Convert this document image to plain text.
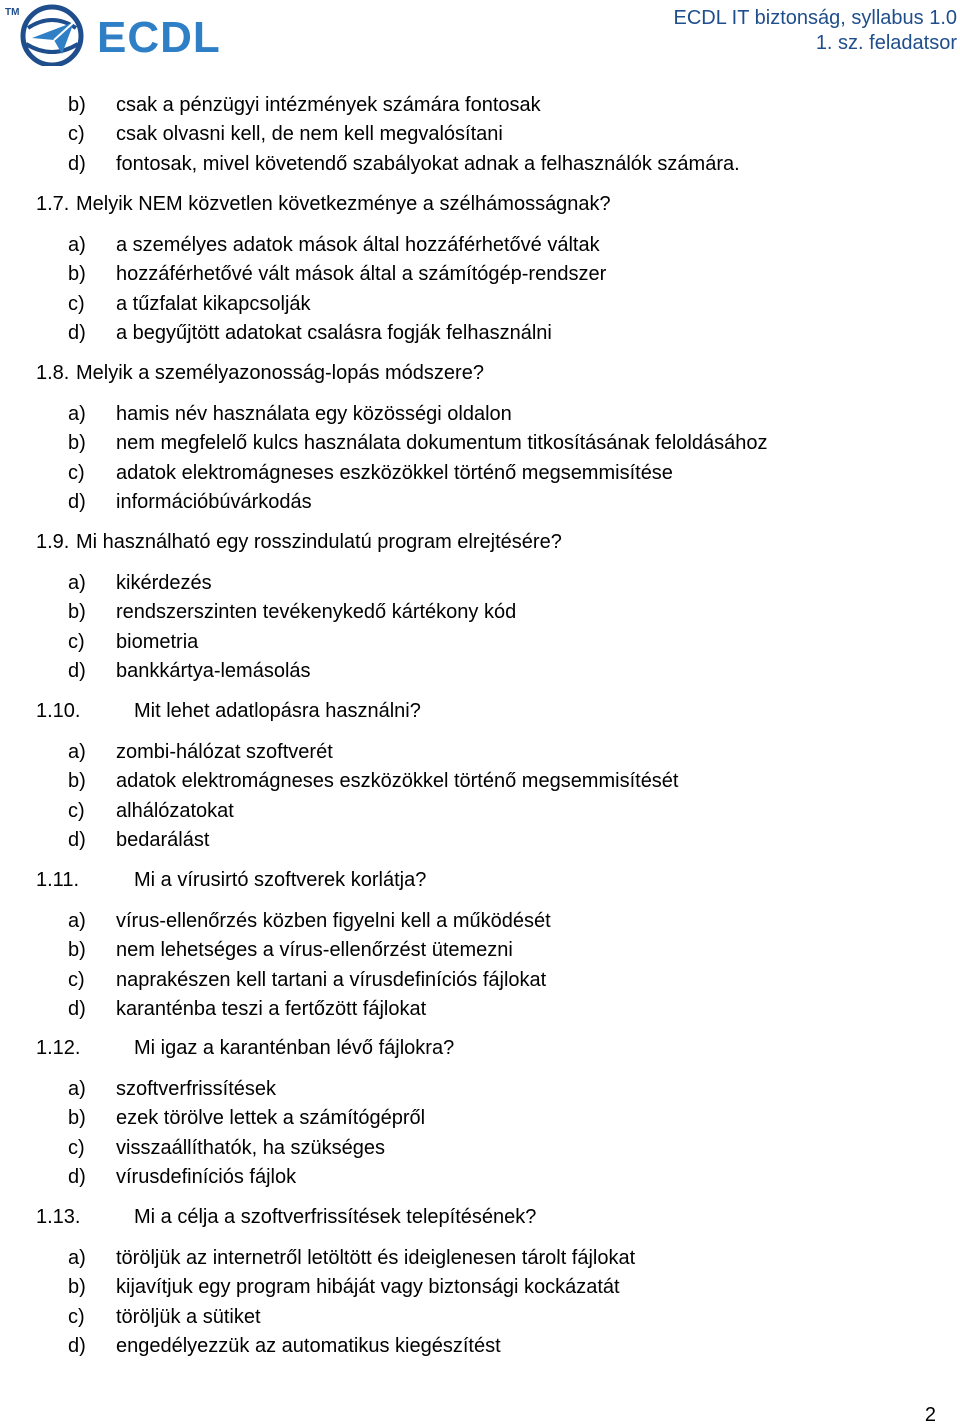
TM
ECDL	ECDL IT biztonság, syllabus 1.0
1. sz. feladatsor
b) csak a pénzügyi intézmények számára fontosak
c) csak olvasni kell, de nem kell megvalósítani
d) fontosak, mivel követendő szabályokat adnak a felhasználók számára.
1.7. Melyik NEM közvetlen következménye a szélhámosságnak?
a) a személyes adatok mások által hozzáférhetővé váltak
b) hozzáférhetővé vált mások által a számítógép-rendszer
c) a tűzfalat kikapcsolják
d) a begyűjtött adatokat csalásra fogják felhasználni
1.8. Melyik a személyazonosság-lopás módszere?
a) hamis név használata egy közösségi oldalon
b) nem megfelelő kulcs használata dokumentum titkosításának feloldásához
c) adatok elektromágneses eszközökkel történő megsemmisítése
d) információbúvárkodás
1.9. Mi használható egy rosszindulatú program elrejtésére?
a) kikérdezés
b) rendszerszinten tevékenykedő kártékony kód
c) biometria
d) bankkártya-lemásolás
1.10.	Mit lehet adatlopásra használni?
a) zombi-hálózat szoftverét
b) adatok elektromágneses eszközökkel történő megsemmisítését
c) alhálózatokat
d) bedarálást
1.11.	Mi a vírusirtó szoftverek korlátja?
a) vírus-ellenőrzés közben figyelni kell a működését
b) nem lehetséges a vírus-ellenőrzést ütemezni
c) naprakészen kell tartani a vírusdefiníciós fájlokat
d) karanténba teszi a fertőzött fájlokat
1.12.	Mi igaz a karanténban lévő fájlokra?
a) szoftverfrissítések
b) ezek törölve lettek a számítógépről
c) visszaállíthatók, ha szükséges
d) vírusdefiníciós fájlok
1.13.	Mi a célja a szoftverfrissítések telepítésének?
a) töröljük az internetről letöltött és ideiglenesen tárolt fájlokat
b) kijavítjuk egy program hibáját vagy biztonsági kockázatát
c) töröljük a sütiket
d) engedélyezzük az automatikus kiegészítést
2
